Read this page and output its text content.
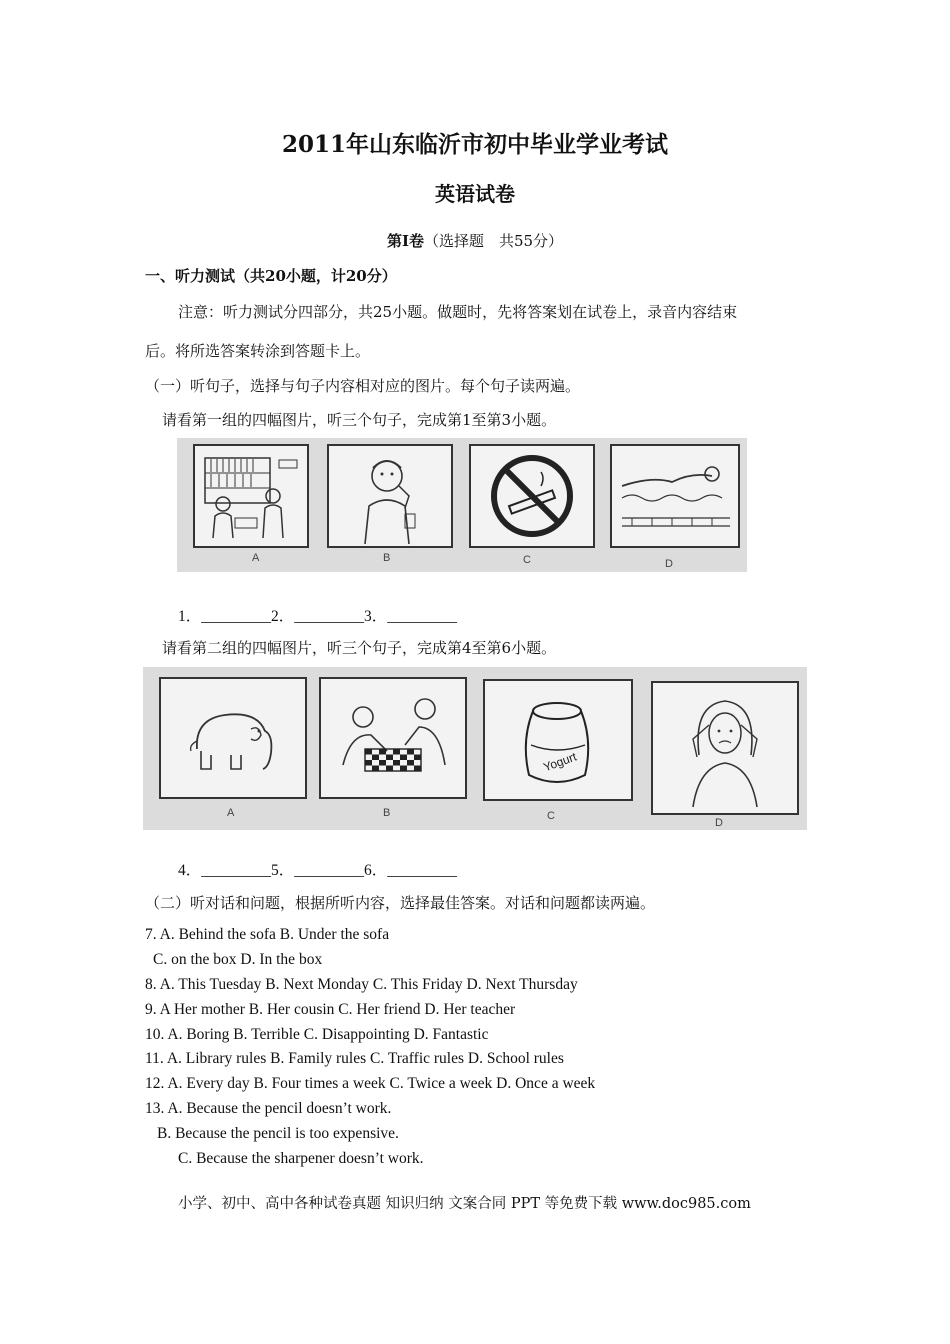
2011年山东临沂市初中毕业学业考试
英语试卷
第Ⅰ卷（选择题　共55分）
一、听力测试（共20小题，计20分）
注意：听力测试分四部分，共25小题。做题时，先将答案划在试卷上，录音内容结束
后。将所选答案转涂到答题卡上。
（一）听句子，选择与句子内容相对应的图片。每个句子读两遍。
请看第一组的四幅图片，听三个句子，完成第1至第3小题。
A	B	C	D
1．_________2．_________3．_________
请看第二组的四幅图片，听三个句子，完成第4至第6小题。
Yogurt
A	B	C
D
4．_________5．_________6．_________
（二）听对话和问题，根据所听内容，选择最佳答案。对话和问题都读两遍。
7. A. Behind the sofa B. Under the sofa
C. on the box D. In the box
8. A. This Tuesday B. Next Monday C. This Friday D. Next Thursday
9. A Her mother B. Her cousin C. Her friend D. Her teacher
10. A. Boring B. Terrible C. Disappointing D. Fantastic
11. A. Library rules B. Family rules C. Traffic rules D. School rules
12. A. Every day B. Four times a week C. Twice a week D. Once a week
13. A. Because the pencil doesn’t work.
B. Because the pencil is too expensive.
C. Because the sharpener doesn’t work.
小学、初中、高中各种试卷真题 知识归纳 文案合同 PPT 等免费下载 www.doc985.com
